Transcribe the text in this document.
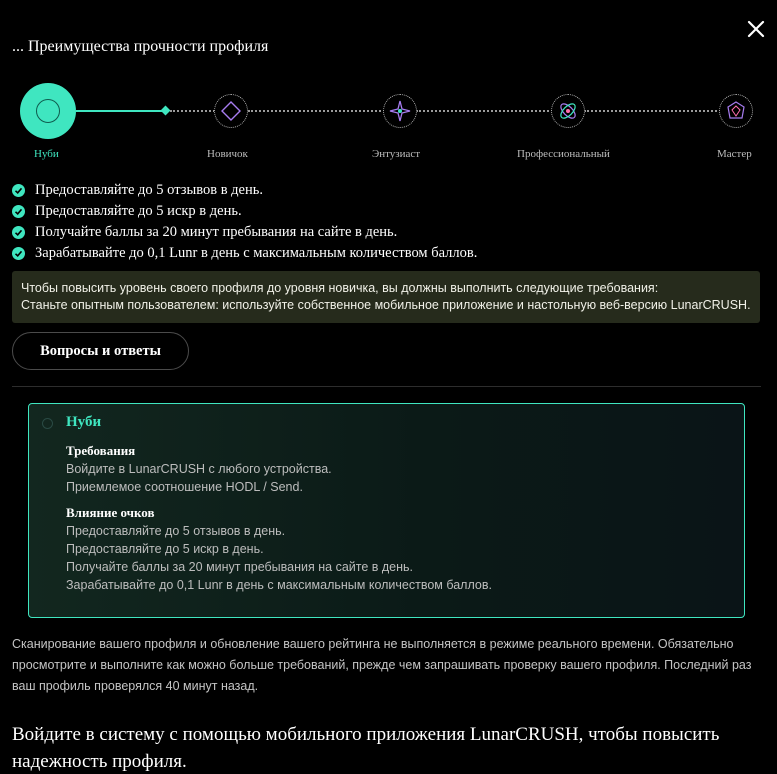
... Преимущества прочности профиля
Нуби	Новичок	Энтузиаст	Профессиональный	Мастер
Предоставляйте до 5 отзывов в день.
Предоставляйте до 5 искр в день.
Получайте баллы за 20 минут пребывания на сайте в день.
Зарабатывайте до 0,1 Lunr в день с максимальным количеством баллов.
Чтобы повысить уровень своего профиля до уровня новичка, вы должны выполнить следующие требования:
Станьте опытным пользователем: используйте собственное мобильное приложение и настольную веб-версию LunarCRUSH.
Вопросы и ответы
Нуби
Требования
Войдите в LunarCRUSH с любого устройства.
Приемлемое соотношение HODL / Send.
Влияние очков
Предоставляйте до 5 отзывов в день.
Предоставляйте до 5 искр в день.
Получайте баллы за 20 минут пребывания на сайте в день.
Зарабатывайте до 0,1 Lunr в день с максимальным количеством баллов.
Сканирование вашего профиля и обновление вашего рейтинга не выполняется в режиме реального времени. Обязательно просмотрите и выполните как можно больше требований, прежде чем запрашивать проверку вашего профиля. Последний раз ваш профиль проверялся 40 минут назад.
Войдите в систему с помощью мобильного приложения LunarCRUSH, чтобы повысить надежность профиля.
